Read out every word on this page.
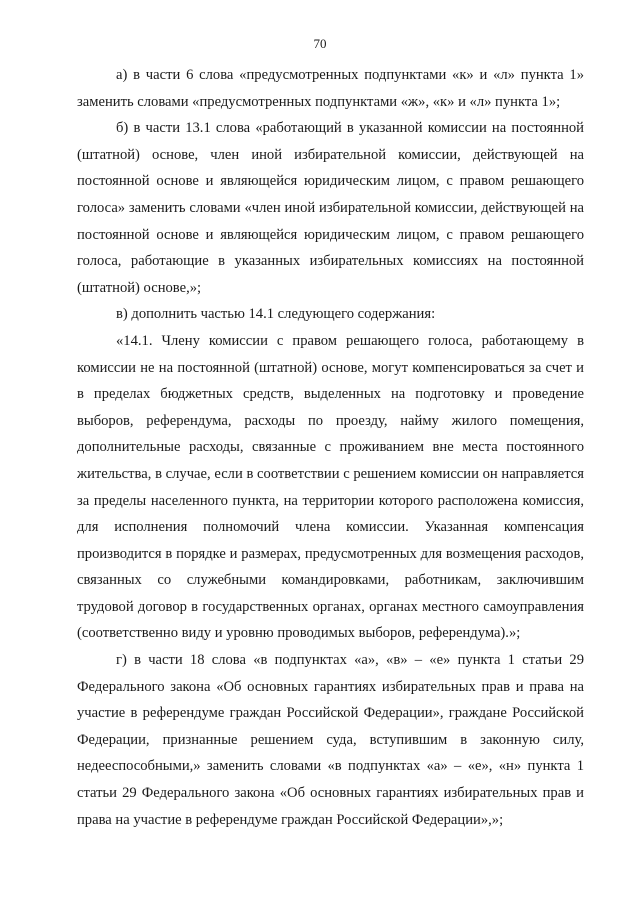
70

а) в части 6 слова «предусмотренных подпунктами «к» и «л» пункта 1» заменить словами «предусмотренных подпунктами «ж», «к» и «л» пункта 1»;

б) в части 13.1 слова «работающий в указанной комиссии на постоянной (штатной) основе, член иной избирательной комиссии, действующей на постоянной основе и являющейся юридическим лицом, с правом решающего голоса» заменить словами «член иной избирательной комиссии, действующей на постоянной основе и являющейся юридическим лицом, с правом решающего голоса, работающие в указанных избирательных комиссиях на постоянной (штатной) основе,»;

в) дополнить частью 14.1 следующего содержания:

«14.1. Члену комиссии с правом решающего голоса, работающему в комиссии не на постоянной (штатной) основе, могут компенсироваться за счет и в пределах бюджетных средств, выделенных на подготовку и проведение выборов, референдума, расходы по проезду, найму жилого помещения, дополнительные расходы, связанные с проживанием вне места постоянного жительства, в случае, если в соответствии с решением комиссии он направляется за пределы населенного пункта, на территории которого расположена комиссия, для исполнения полномочий члена комиссии. Указанная компенсация производится в порядке и размерах, предусмотренных для возмещения расходов, связанных со служебными командировками, работникам, заключившим трудовой договор в государственных органах, органах местного самоуправления (соответственно виду и уровню проводимых выборов, референдума).»;

г) в части 18 слова «в подпунктах «а», «в» – «е» пункта 1 статьи 29 Федерального закона «Об основных гарантиях избирательных прав и права на участие в референдуме граждан Российской Федерации», граждане Российской Федерации, признанные решением суда, вступившим в законную силу, недееспособными,» заменить словами «в подпунктах «а» – «е», «н» пункта 1 статьи 29 Федерального закона «Об основных гарантиях избирательных прав и права на участие в референдуме граждан Российской Федерации»,»;
